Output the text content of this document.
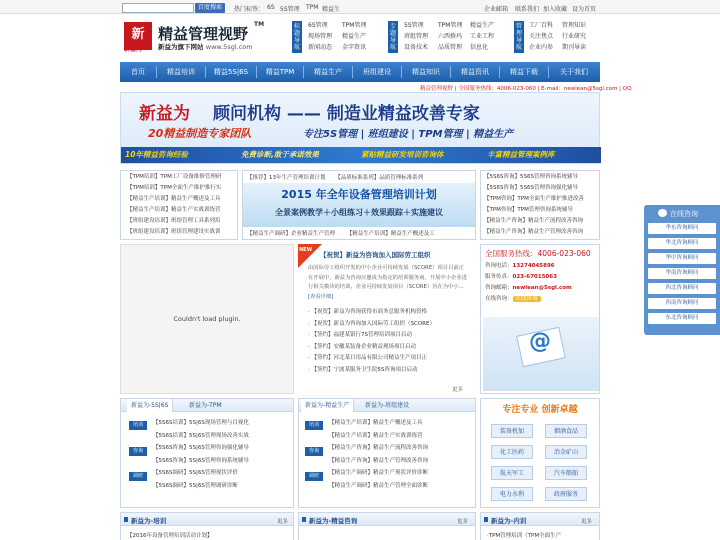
百度搜索	热门标签： 6S 5S管理 TPM 精益生	企业邮箱 联系我们 加入收藏 设为首页
新
新益为
精益管理视野
TM
新益为旗下网站 www.5sgl.com
标题导航
6S管理
现场管理
新闻动态
TPM管理
精益生产
金字资讯
专题导航
5S管理
班组管理
设备技术
TPM管理
六西格玛
品质管理
精益生产
工业工程
信息化
管理导航
工厂百科
关注焦点
企业内参
管理知识
行业研究
期刊导读
首页	精益培训	精益5S|6S	精益TPM	精益生产	班组建设	精益知识	精益资讯	精益下载	关于我们
精益管理视野 | 全国服务热线：4006-023-060 | E-mail：newlean@5sgl.com | QQ
新益为 顾问机构 —— 制造业精益改善专家
20精益制造专家团队	专注5S管理 | 班组建设 | TPM管理 | 精益生产
10年精益咨询经验	免费诊断,敢于承诺效果	紧贴精益研发培训咨询体	丰富精益管理案例库
【TPM培训】TPM工厂设备维修管理研
【TPM培训】TPM全面生产维护推行实
【精益生产培训】精益生产概述及工具
【精益生产培训】精益生产实战训练营
【班组建设培训】班组管理工具系列培
【班组建设培训】班组管理建设实战训
【推荐】13年生产管理培训计划 【品质标准系列】品质管理标准系列
2015 年全年设备管理培训计划
全景案例教学＋小组练习＋效果跟踪＋实施建议
【精益生产调研】企业精益生产管理 【精益生产培训】精益生产概述及工
【5S6S咨询】5S6S管理咨询系统辅导
【5S6S咨询】5S6S管理咨询强化辅导
【TPM咨询】TPM全面生产维护推进改善
【TPM咨询】TPM管理咨询系统辅导
【精益生产咨询】精益生产流程改善咨询
【精益生产咨询】精益生产管理改善咨询
Couldn't load plugin.
NEW
【祝贺】新益为咨询加入国际劳工组织
由国际劳工组织开发的中小企业可持续发展（SCORE）项目目前正在开展中，新益为咨询应邀成为指定的培训服务商，开展中小企业进行相关模块的培训。企业可持续发展项目（SCORE）旨在为中小...[查看详细]
· 【祝贺】新益为咨询获得市商务总服务机构资格
· 【祝贺】新益为咨询加入国际劳工组织（SCORE）
· 【签约】福建某银行7S管理培训项目启动
· 【签约】安徽某装备企业精益现场项目启动
· 【签约】河北某日用品有限公司精益生产项目正
· 【签约】宁波某服务卫生院5S咨询项目启动
更多
全国服务热线：4006-023-060
咨询电话：13274045896
服务传真：023-67015063
咨询邮箱：newlean@5sgl.com
在线咨询： 在线咨询
@
新益为-5S|6S	新益为-TPM
培训
咨询
调研
【5S6S培训】5S|6S现场管理与目视化
【5S6S培训】5S|6S管理现场改善实战
【5S6S咨询】5S|6S管理咨询强化辅导
【5S6S咨询】5S|6S管理咨询系统辅导
【5S6S调研】5S|6S管理现状评价
【5S6S调研】5S|6S管理调研诊断
新益为-精益生产	新益为-班组建设
培训
咨询
调研
【精益生产培训】精益生产概述及工具
【精益生产培训】精益生产实战训练营
【精益生产咨询】精益生产流程改善咨询
【精益生产咨询】精益生产管理改善咨询
【精益生产调研】精益生产现状评价诊断
【精益生产调研】精益生产管理全面诊断
专注专业 创新卓越
装备机加	烟酒食品
化工医药	冶金矿山
航天军工	汽车船舶
电力水利	政府服务
新益为-培训	更多
【2016年设备管理培训活动计划】
新益为-精益咨询	更多	新益为-内训	更多
·TPM管理培训（TPM全面生产
在线咨询
华东咨询顾问
华北咨询顾问
华中咨询顾问
华南咨询顾问
西北咨询顾问
西南咨询顾问
东北咨询顾问
